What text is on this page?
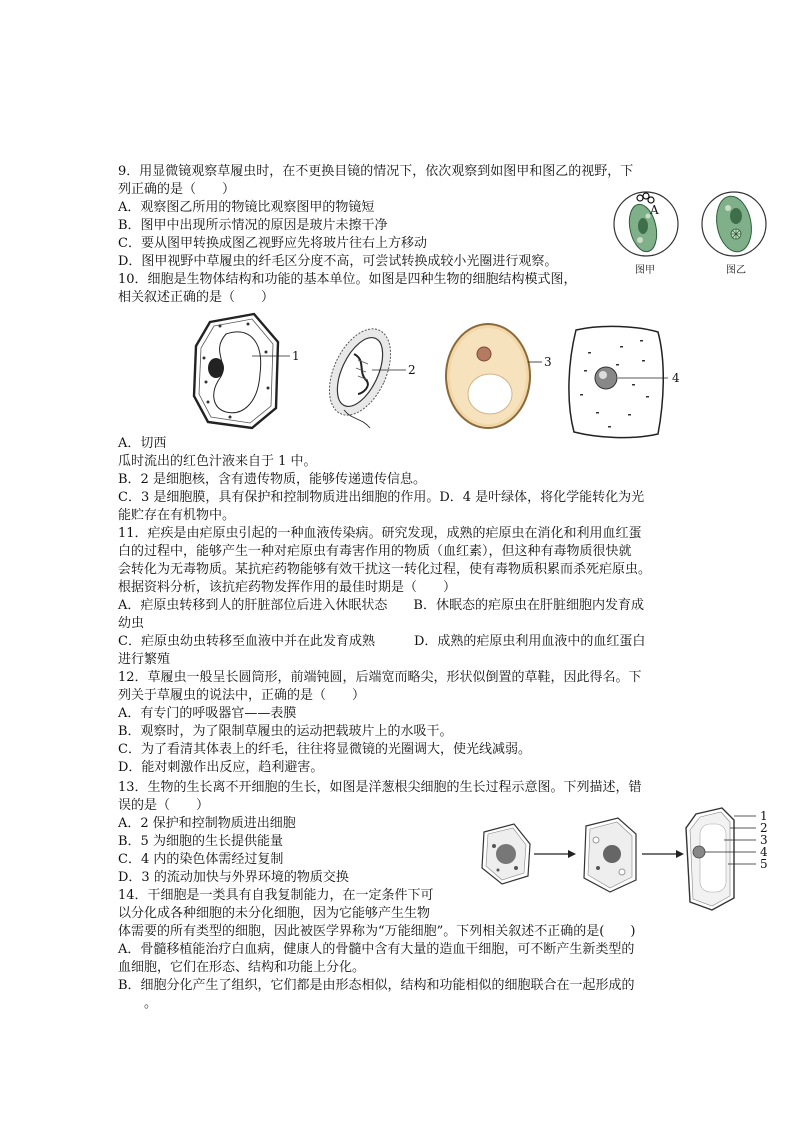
9．用显微镜观察草履虫时，在不更换目镜的情况下，依次观察到如图甲和图乙的视野，下
列正确的是（　　）
A．观察图乙所用的物镜比观察图甲的物镜短
B．图甲中出现所示情况的原因是玻片未擦干净
C．要从图甲转换成图乙视野应先将玻片往右上方移动
D．图甲视野中草履虫的纤毛区分度不高，可尝试转换成较小光圈进行观察。
A
图甲	图乙
10．细胞是生物体结构和功能的基本单位。如图是四种生物的细胞结构模式图，
相关叙述正确的是（　　）
1
2
3
4
A．切西
瓜时流出的红色汁液来自于 1 中。
B．2 是细胞核，含有遗传物质，能够传递遗传信息。
C．3 是细胞膜，具有保护和控制物质进出细胞的作用。D．4 是叶绿体，将化学能转化为光
能贮存在有机物中。
11．疟疾是由疟原虫引起的一种血液传染病。研究发现，成熟的疟原虫在消化和利用血红蛋
白的过程中，能够产生一种对疟原虫有毒害作用的物质（血红素），但这种有毒物质很快就
会转化为无毒物质。某抗疟药物能够有效干扰这一转化过程，使有毒物质积累而杀死疟原虫。
根据资料分析，该抗疟药物发挥作用的最佳时期是（　　）
A．疟原虫转移到人的肝脏部位后进入休眠状态　　B．休眠态的疟原虫在肝脏细胞内发育成
幼虫
C．疟原虫幼虫转移至血液中并在此发育成熟　　　D．成熟的疟原虫利用血液中的血红蛋白
进行繁殖
12．草履虫一般呈长圆筒形，前端钝圆，后端宽而略尖，形状似倒置的草鞋，因此得名。下
列关于草履虫的说法中，正确的是（　　）
A．有专门的呼吸器官——表膜
B．观察时，为了限制草履虫的运动把载玻片上的水吸干。
C．为了看清其体表上的纤毛，往往将显微镜的光圈调大，使光线减弱。
D．能对刺激作出反应，趋利避害。
13．生物的生长离不开细胞的生长，如图是洋葱根尖细胞的生长过程示意图。下列描述，错
误的是（　　）
A．2 保护和控制物质进出细胞
B．5 为细胞的生长提供能量
C．4 内的染色体需经过复制
D．3 的流动加快与外界环境的物质交换
1
2
3
4
5
14．干细胞是一类具有自我复制能力，在一定条件下可
以分化成各种细胞的未分化细胞，因为它能够产生生物
体需要的所有类型的细胞，因此被医学界称为“万能细胞”。下列相关叙述不正确的是(　　)
A．骨髓移植能治疗白血病，健康人的骨髓中含有大量的造血干细胞，可不断产生新类型的
血细胞，它们在形态、结构和功能上分化。
B．细胞分化产生了组织，它们都是由形态相似，结构和功能相似的细胞联合在一起形成的
。
